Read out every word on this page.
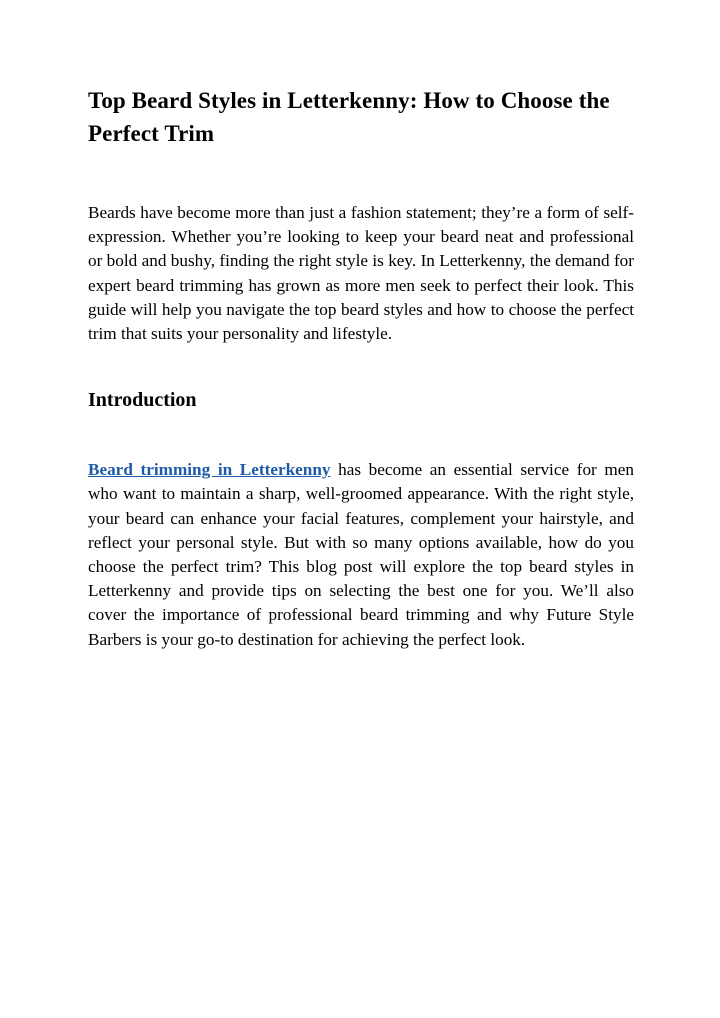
Top Beard Styles in Letterkenny: How to Choose the Perfect Trim

Beards have become more than just a fashion statement; they’re a form of self-expression. Whether you’re looking to keep your beard neat and professional or bold and bushy, finding the right style is key. In Letterkenny, the demand for expert beard trimming has grown as more men seek to perfect their look. This guide will help you navigate the top beard styles and how to choose the perfect trim that suits your personality and lifestyle.

Introduction

Beard trimming in Letterkenny has become an essential service for men who want to maintain a sharp, well-groomed appearance. With the right style, your beard can enhance your facial features, complement your hairstyle, and reflect your personal style. But with so many options available, how do you choose the perfect trim? This blog post will explore the top beard styles in Letterkenny and provide tips on selecting the best one for you. We’ll also cover the importance of professional beard trimming and why Future Style Barbers is your go-to destination for achieving the perfect look.
